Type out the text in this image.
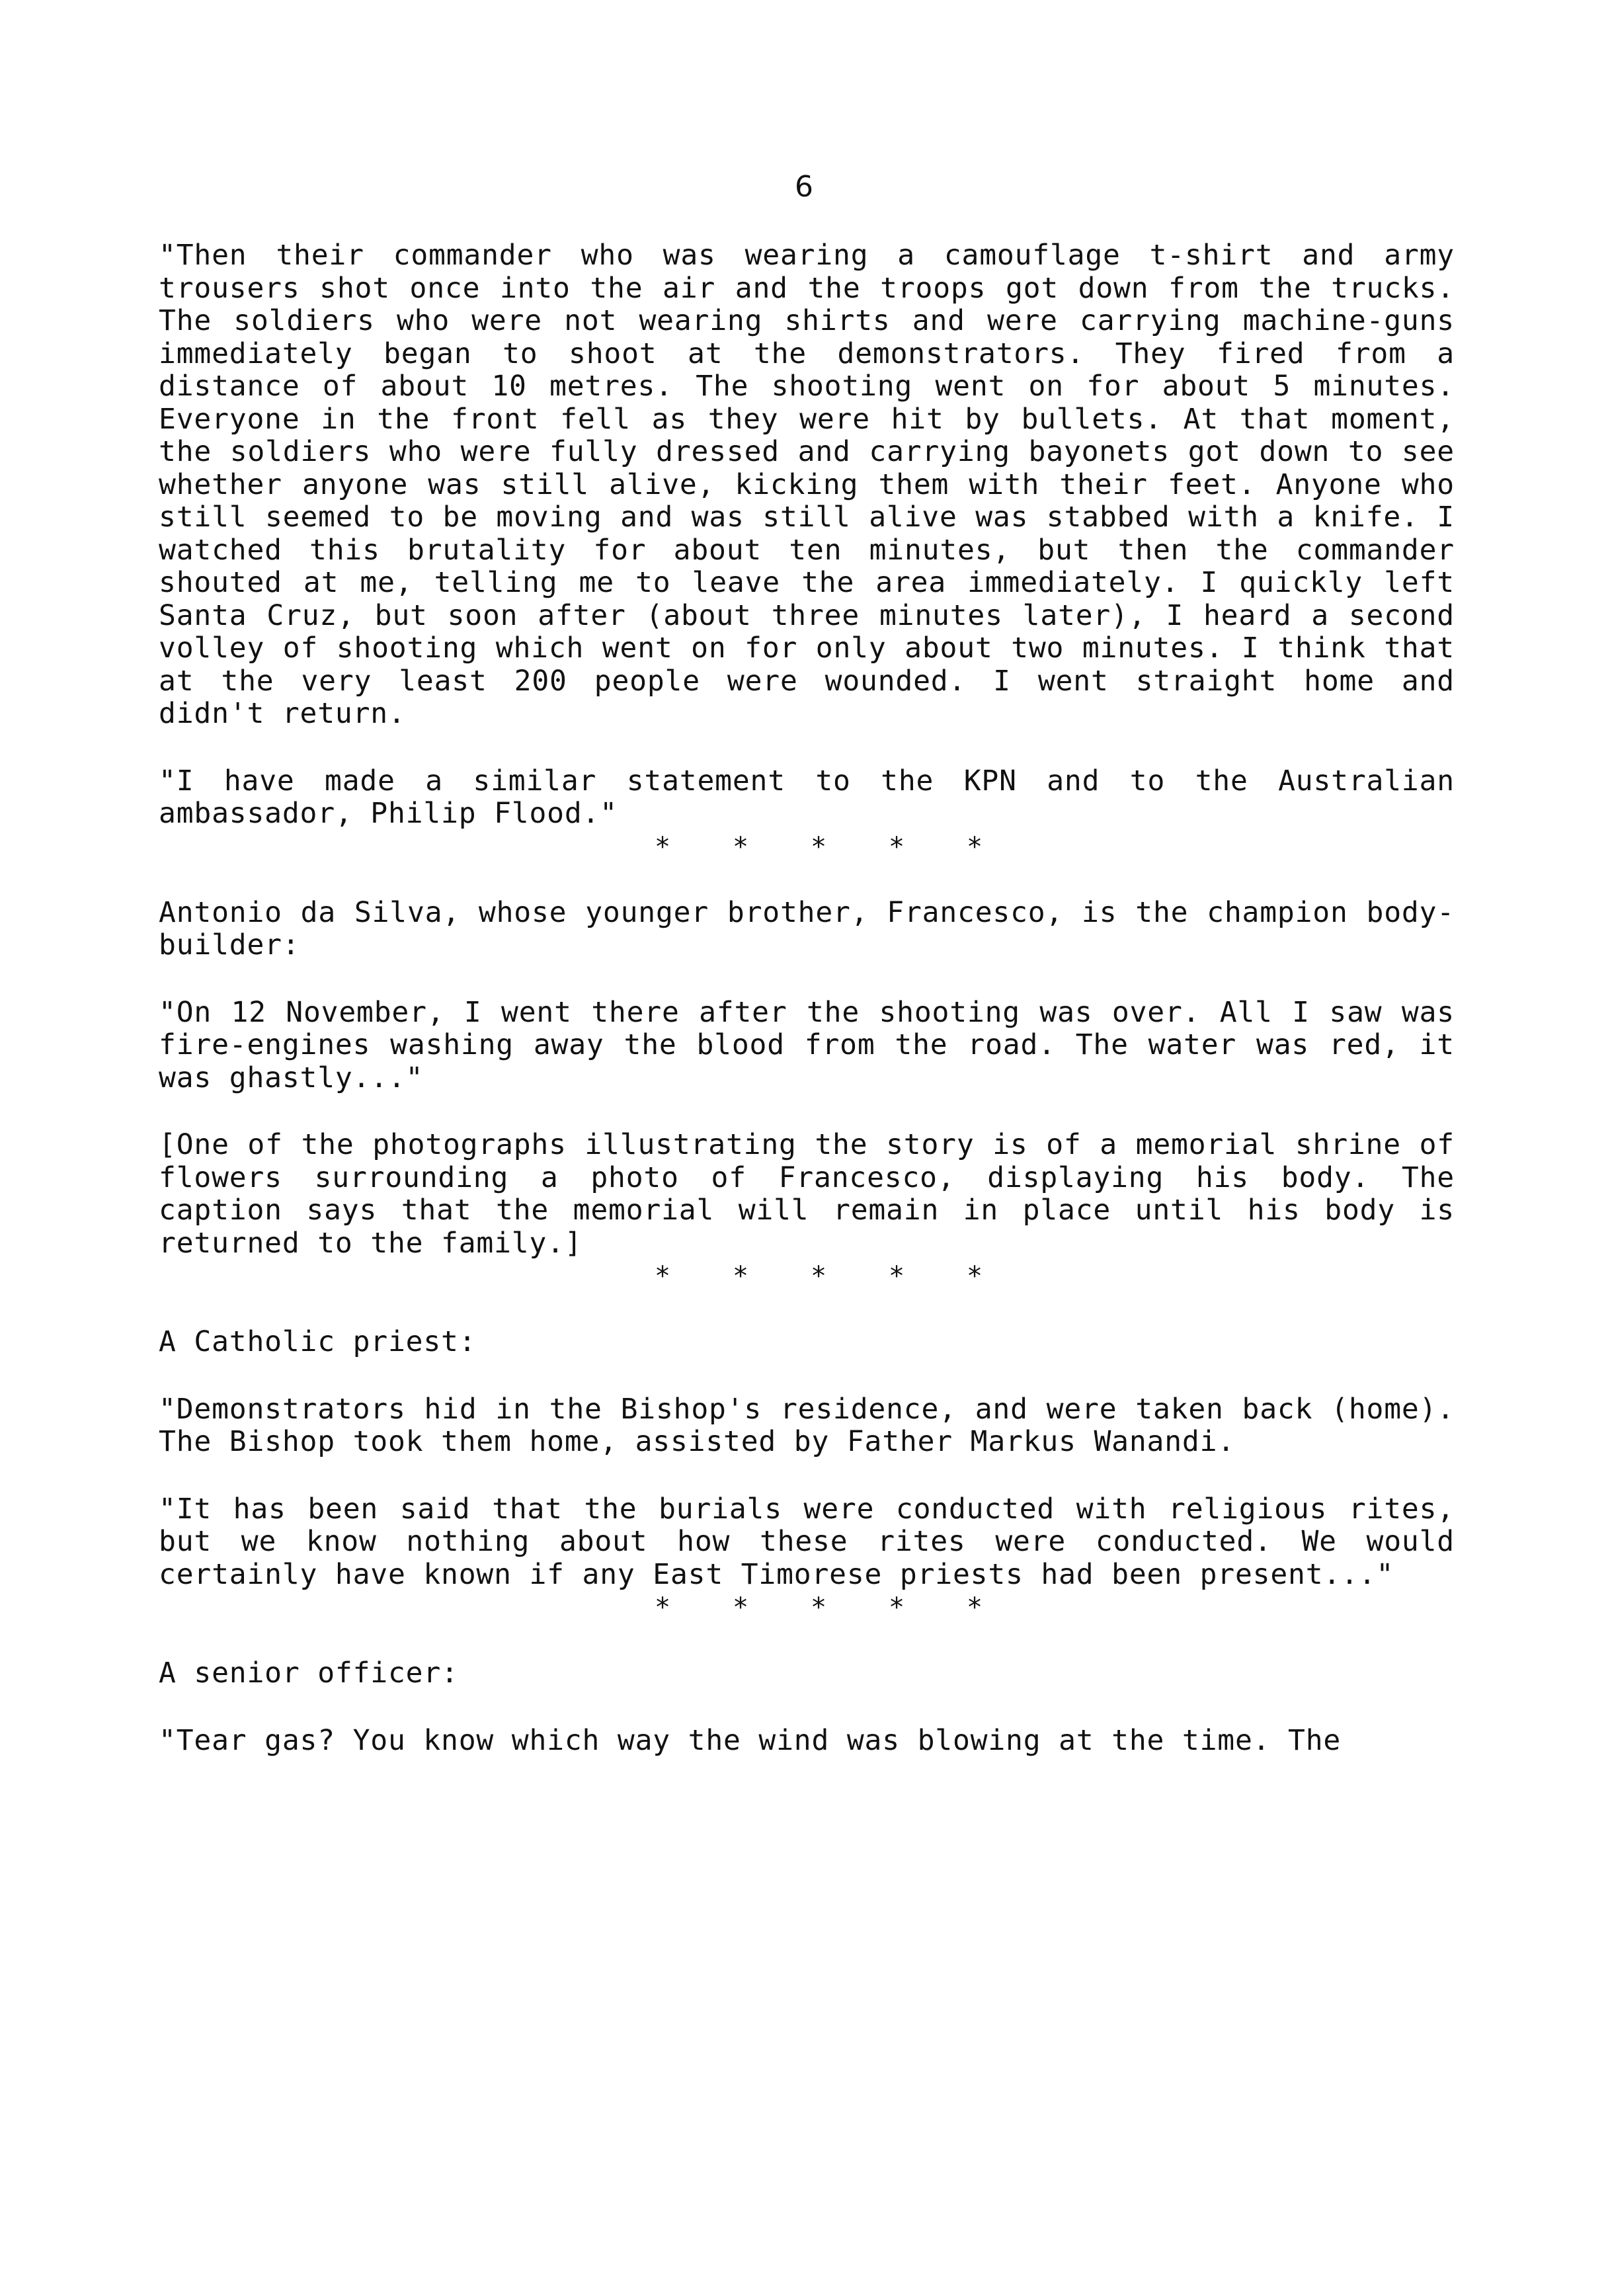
6

"Then their commander who was wearing a camouflage t-shirt and army trousers shot once into the air and the troops got down from the trucks. The soldiers who were not wearing shirts and were carrying machine-guns immediately began to shoot at the demonstrators. They fired from a distance of about 10 metres. The shooting went on for about 5 minutes. Everyone in the front fell as they were hit by bullets. At that moment, the soldiers who were fully dressed and carrying bayonets got down to see whether anyone was still alive, kicking them with their feet. Anyone who still seemed to be moving and was still alive was stabbed with a knife. I watched this brutality for about ten minutes, but then the commander shouted at me, telling me to leave the area immediately. I quickly left Santa Cruz, but soon after (about three minutes later), I heard a second volley of shooting which went on for only about two minutes. I think that at the very least 200 people were wounded. I went straight home and didn't return.

"I have made a similar statement to the KPN and to the Australian ambassador, Philip Flood."

* * * * *

Antonio da Silva, whose younger brother, Francesco, is the champion body-builder:

"On 12 November, I went there after the shooting was over. All I saw was fire-engines washing away the blood from the road. The water was red, it was ghastly..."

[One of the photographs illustrating the story is of a memorial shrine of flowers surrounding a photo of Francesco, displaying his body. The caption says that the memorial will remain in place until his body is returned to the family.]

* * * * *

A Catholic priest:

"Demonstrators hid in the Bishop's residence, and were taken back (home). The Bishop took them home, assisted by Father Markus Wanandi.

"It has been said that the burials were conducted with religious rites, but we know nothing about how these rites were conducted. We would certainly have known if any East Timorese priests had been present..."

* * * * *

A senior officer:

"Tear gas? You know which way the wind was blowing at the time. The
